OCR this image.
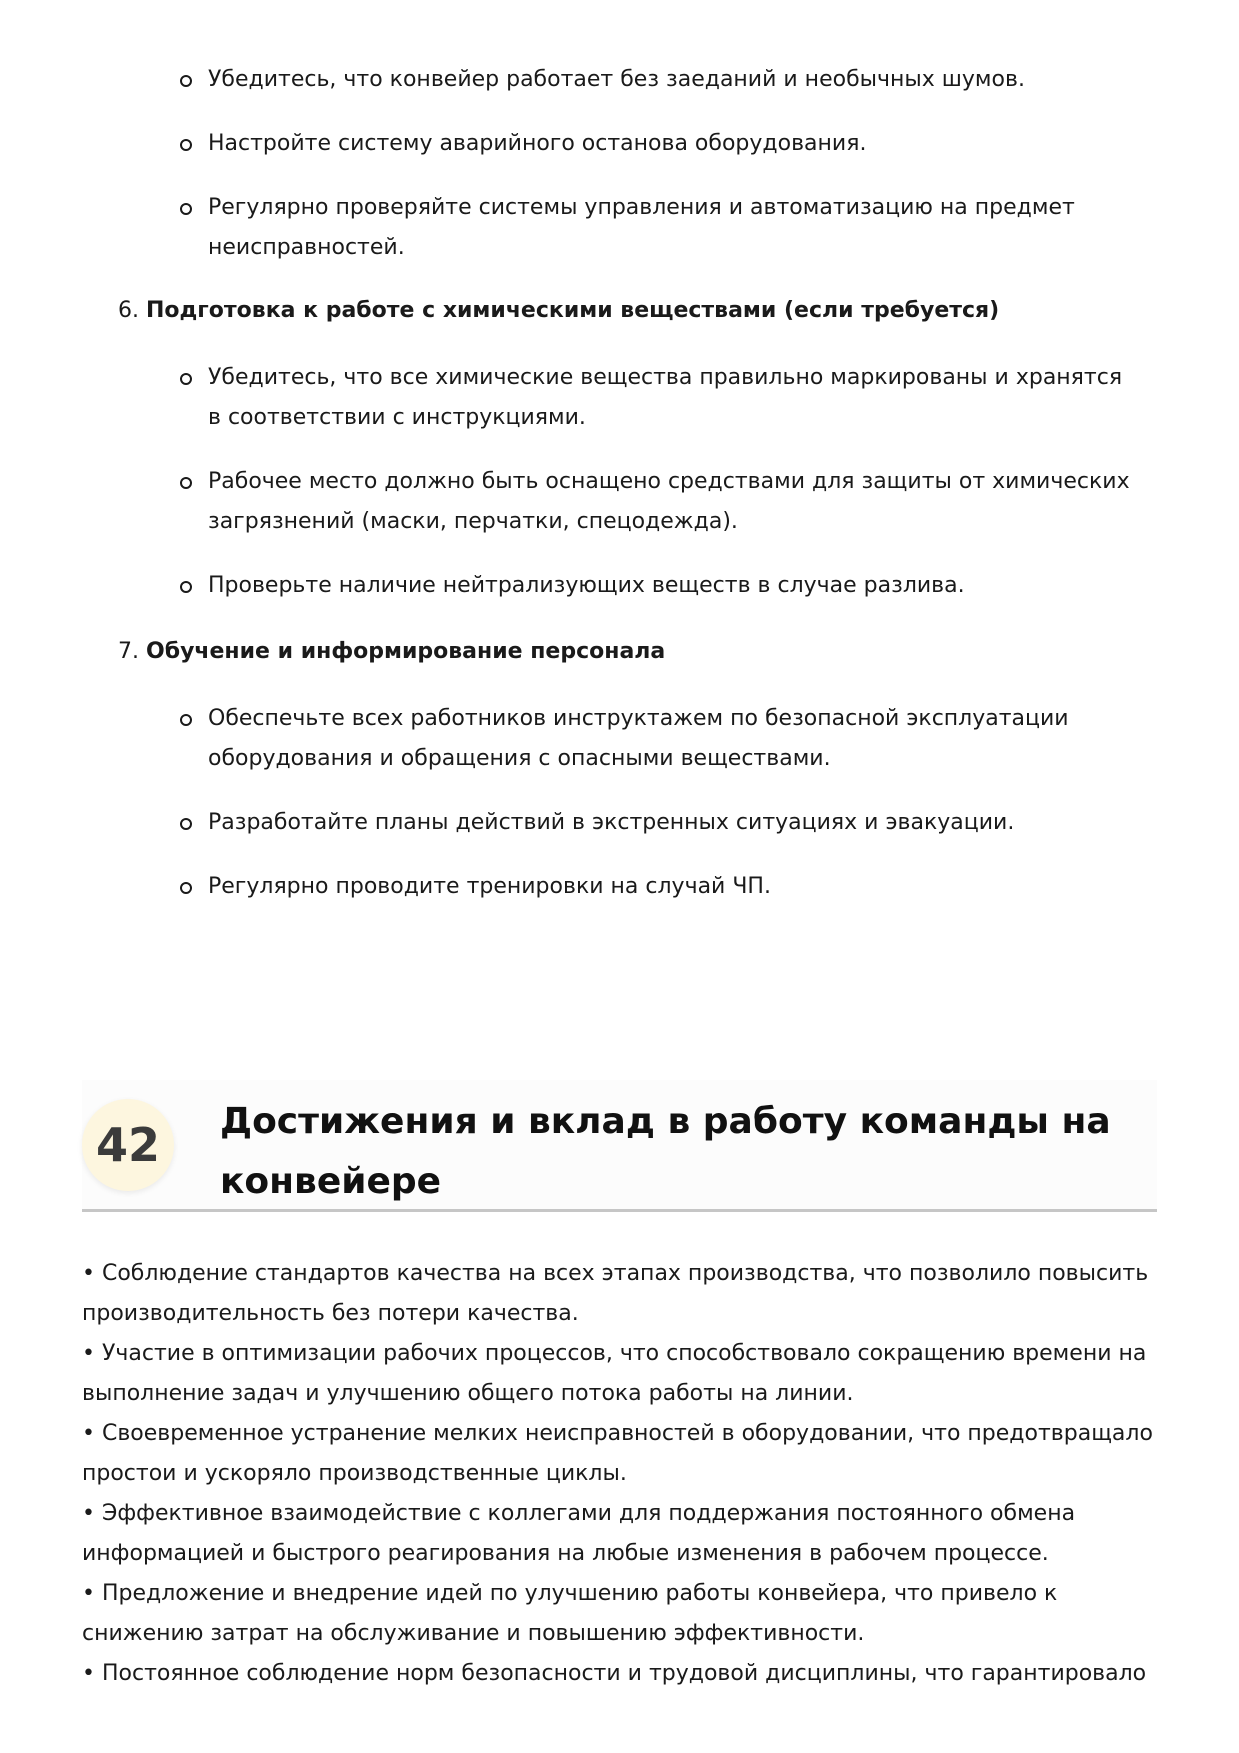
Убедитесь, что конвейер работает без заеданий и необычных шумов.
Настройте систему аварийного останова оборудования.
Регулярно проверяйте системы управления и автоматизацию на предмет неисправностей.

6. Подготовка к работе с химическими веществами (если требуется)

Убедитесь, что все химические вещества правильно маркированы и хранятся в соответствии с инструкциями.
Рабочее место должно быть оснащено средствами для защиты от химических загрязнений (маски, перчатки, спецодежда).
Проверьте наличие нейтрализующих веществ в случае разлива.

7. Обучение и информирование персонала

Обеспечьте всех работников инструктажем по безопасной эксплуатации оборудования и обращения с опасными веществами.
Разработайте планы действий в экстренных ситуациях и эвакуации.
Регулярно проводите тренировки на случай ЧП.
42	Достижения и вклад в работу команды на конвейере
• Соблюдение стандартов качества на всех этапах производства, что позволило повысить производительность без потери качества.
• Участие в оптимизации рабочих процессов, что способствовало сокращению времени на выполнение задач и улучшению общего потока работы на линии.
• Своевременное устранение мелких неисправностей в оборудовании, что предотвращало простои и ускоряло производственные циклы.
• Эффективное взаимодействие с коллегами для поддержания постоянного обмена информацией и быстрого реагирования на любые изменения в рабочем процессе.
• Предложение и внедрение идей по улучшению работы конвейера, что привело к снижению затрат на обслуживание и повышению эффективности.
• Постоянное соблюдение норм безопасности и трудовой дисциплины, что гарантировало
